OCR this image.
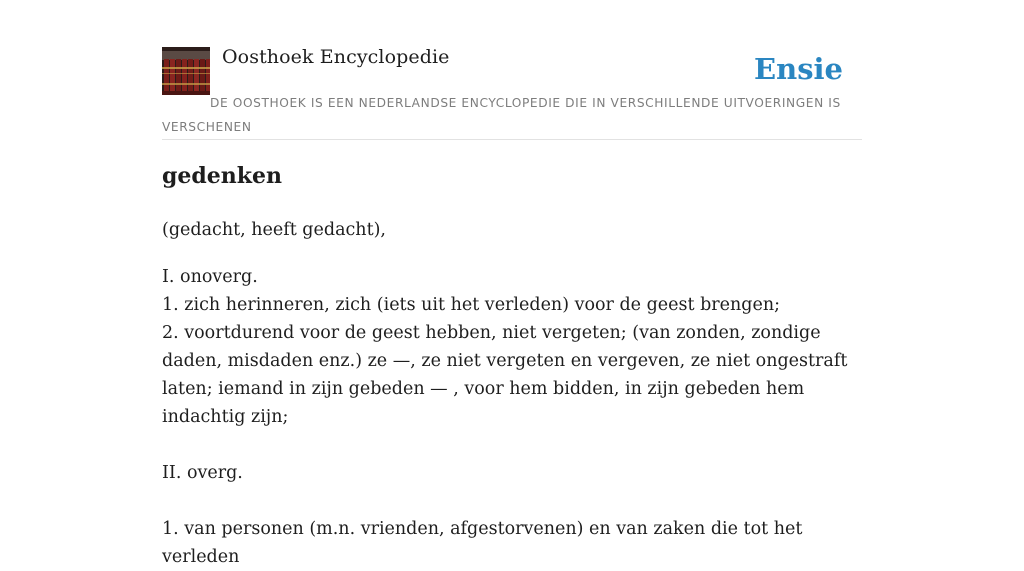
Oosthoek Encyclopedie	Ensie
DE OOSTHOEK IS EEN NEDERLANDSE ENCYCLOPEDIE DIE IN VERSCHILLENDE UITVOERINGEN IS VERSCHENEN
gedenken

(gedacht, heeft gedacht),

I. onoverg.
1. zich herinneren, zich (iets uit het verleden) voor de geest brengen;
2. voortdurend voor de geest hebben, niet vergeten; (van zonden, zondige daden, misdaden enz.) ze —, ze niet vergeten en vergeven, ze niet ongestraft laten; iemand in zijn gebeden — , voor hem bidden, in zijn gebeden hem indachtig zijn;

II. overg.

1. van personen (m.n. vrienden, afgestorvenen) en van zaken die tot het verleden
